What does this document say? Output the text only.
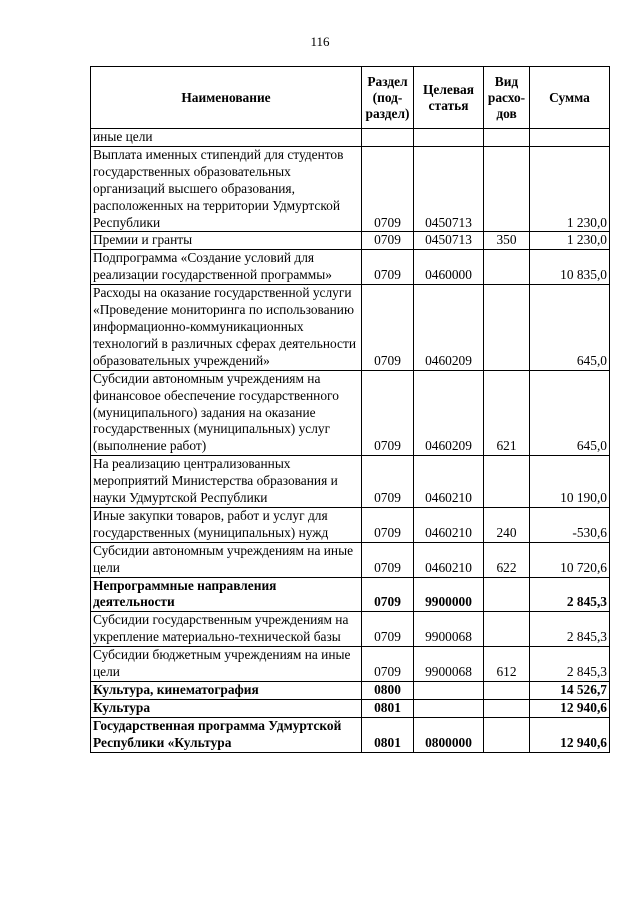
116
Наименование	Раздел (под-раздел)	Целевая статья	Вид расхо-дов	Сумма
иные цели				
Выплата именных стипендий для студентов государственных образовательных организаций высшего образования, расположенных на территории Удмуртской Республики	0709	0450713		1 230,0
Премии и гранты	0709	0450713	350	1 230,0
Подпрограмма «Создание условий для реализации государственной программы»	0709	0460000		10 835,0
Расходы на оказание государственной услуги «Проведение мониторинга по использованию информационно-коммуникационных технологий в различных сферах деятельности образовательных учреждений»	0709	0460209		645,0
Субсидии автономным учреждениям на финансовое обеспечение государственного (муниципального) задания на оказание государственных (муниципальных) услуг (выполнение работ)	0709	0460209	621	645,0
На реализацию централизованных мероприятий Министерства образования и науки Удмуртской Республики	0709	0460210		10 190,0
Иные закупки товаров, работ и услуг для государственных (муниципальных) нужд	0709	0460210	240	-530,6
Субсидии автономным учреждениям на иные цели	0709	0460210	622	10 720,6
Непрограммные направления деятельности	0709	9900000		2 845,3
Субсидии государственным учреждениям на укрепление материально-технической базы	0709	9900068		2 845,3
Субсидии бюджетным учреждениям на иные цели	0709	9900068	612	2 845,3
Культура, кинематография	0800			14 526,7
Культура	0801			12 940,6
Государственная программа Удмуртской Республики «Культура	0801	0800000		12 940,6
